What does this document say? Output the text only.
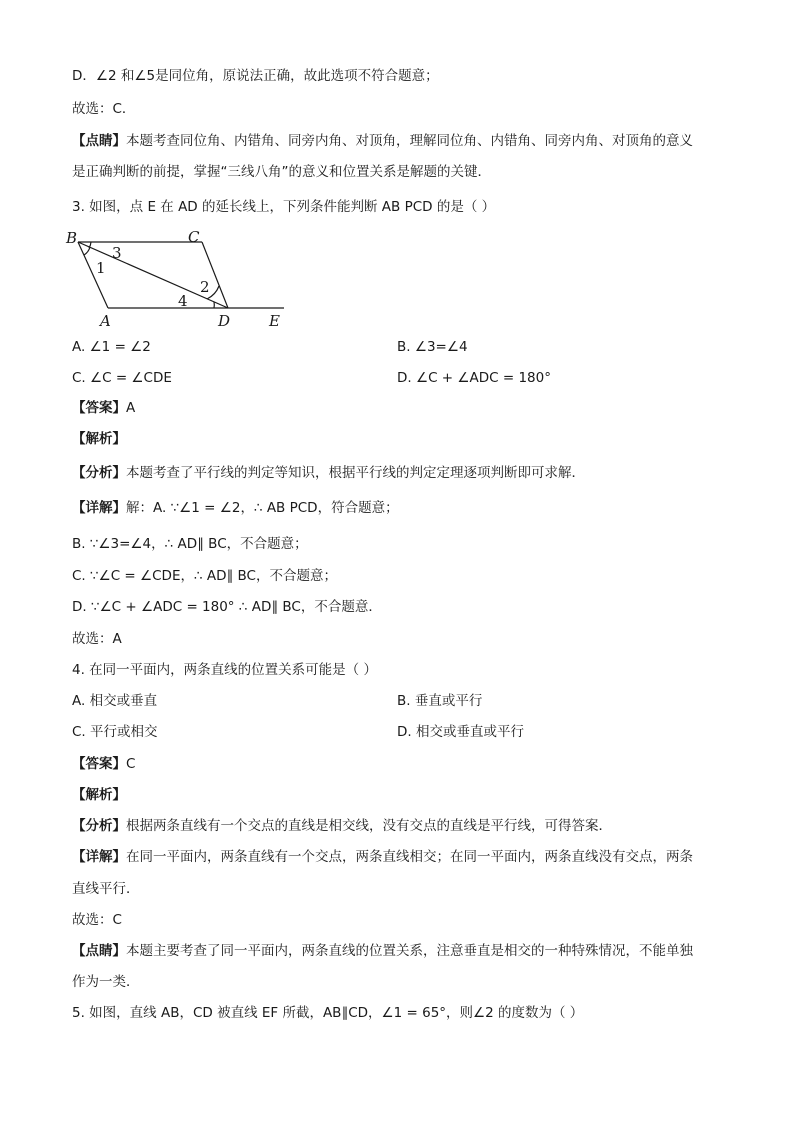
D．∠2 和∠5是同位角，原说法正确，故此选项不符合题意；
故选：C．
【点睛】本题考查同位角、内错角、同旁内角、对顶角，理解同位角、内错角、同旁内角、对顶角的意义
是正确判断的前提，掌握“三线八角”的意义和位置关系是解题的关键．
3. 如图，点 E 在 AD 的延长线上，下列条件能判断 AB PCD 的是（ ）
B	C
A	D	E
1
3
2
4
A. ∠1 = ∠2	B. ∠3=∠4
C. ∠C = ∠CDE	D. ∠C + ∠ADC = 180°
【答案】A
【解析】
【分析】本题考查了平行线的判定等知识，根据平行线的判定定理逐项判断即可求解．
【详解】解：A. ∵∠1 = ∠2，∴ AB PCD，符合题意；
B. ∵∠3=∠4，∴ AD∥ BC，不合题意；
C. ∵∠C = ∠CDE，∴ AD∥ BC，不合题意；
D. ∵∠C + ∠ADC = 180° ∴ AD∥ BC，不合题意．
故选：A
4. 在同一平面内，两条直线的位置关系可能是（ ）
A. 相交或垂直	B. 垂直或平行
C. 平行或相交	D. 相交或垂直或平行
【答案】C
【解析】
【分析】根据两条直线有一个交点的直线是相交线，没有交点的直线是平行线，可得答案．
【详解】在同一平面内，两条直线有一个交点，两条直线相交；在同一平面内，两条直线没有交点，两条
直线平行．
故选：C
【点睛】本题主要考查了同一平面内，两条直线的位置关系，注意垂直是相交的一种特殊情况，不能单独
作为一类．
5. 如图，直线 AB，CD 被直线 EF 所截，AB∥CD，∠1 = 65°，则∠2 的度数为（ ）
